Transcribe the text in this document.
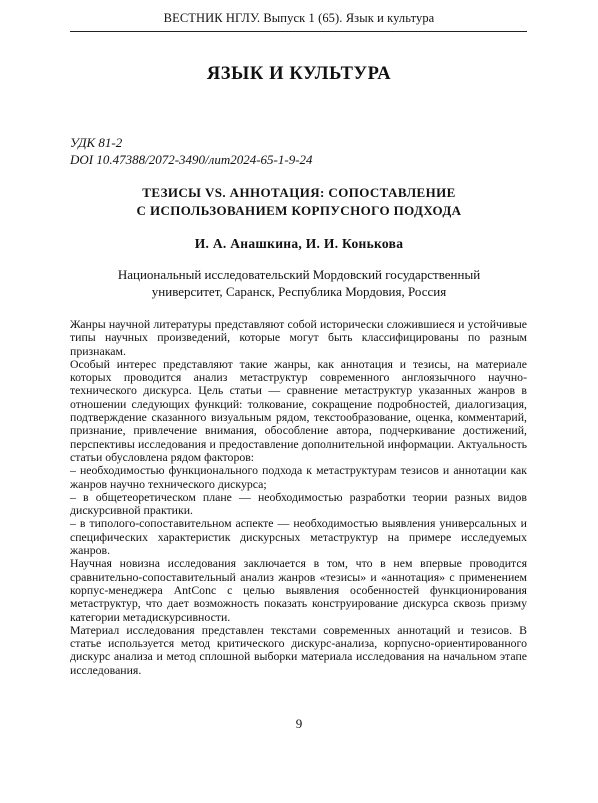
ВЕСТНИК НГЛУ. Выпуск 1 (65). Язык и культура
ЯЗЫК И КУЛЬТУРА
УДК 81-2
DOI 10.47388/2072-3490/лит2024-65-1-9-24
ТЕЗИСЫ VS. АННОТАЦИЯ: СОПОСТАВЛЕНИЕ
С ИСПОЛЬЗОВАНИЕМ КОРПУСНОГО ПОДХОДА
И. А. Анашкина, И. И. Конькова
Национальный исследовательский Мордовский государственный
университет, Саранск, Республика Мордовия, Россия

Жанры научной литературы представляют собой исторически сложившиеся и устойчивые типы научных произведений, которые могут быть классифицированы по разным признакам.

Особый интерес представляют такие жанры, как аннотация и тезисы, на материале которых проводится анализ метаструктур современного англоязычного научно-технического дискурса. Цель статьи — сравнение метаструктур указанных жанров в отношении следующих функций: толкование, сокращение подробностей, диалогизация, подтверждение сказанного визуальным рядом, текстообразование, оценка, комментарий, признание, привлечение внимания, обособление автора, подчеркивание достижений, перспективы исследования и предоставление дополнительной информации. Актуальность статьи обусловлена рядом факторов:

– необходимостью функционального подхода к метаструктурам тезисов и аннотации как жанров научно технического дискурса;

– в общетеоретическом плане — необходимостью разработки теории разных видов дискурсивной практики.

– в типолого-сопоставительном аспекте — необходимостью выявления универсальных и специфических характеристик дискурсных метаструктур на примере исследуемых жанров.

Научная новизна исследования заключается в том, что в нем впервые проводится сравнительно-сопоставительный анализ жанров «тезисы» и «аннотация» с применением корпус-менеджера AntConc с целью выявления особенностей функционирования метаструктур, что дает возможность показать конструирование дискурса сквозь призму категории метадискурсивности.

Материал исследования представлен текстами современных аннотаций и тезисов. В статье используется метод критического дискурс-анализа, корпусно-ориентированного дискурс анализа и метод сплошной выборки материала исследования на начальном этапе исследования.

9
